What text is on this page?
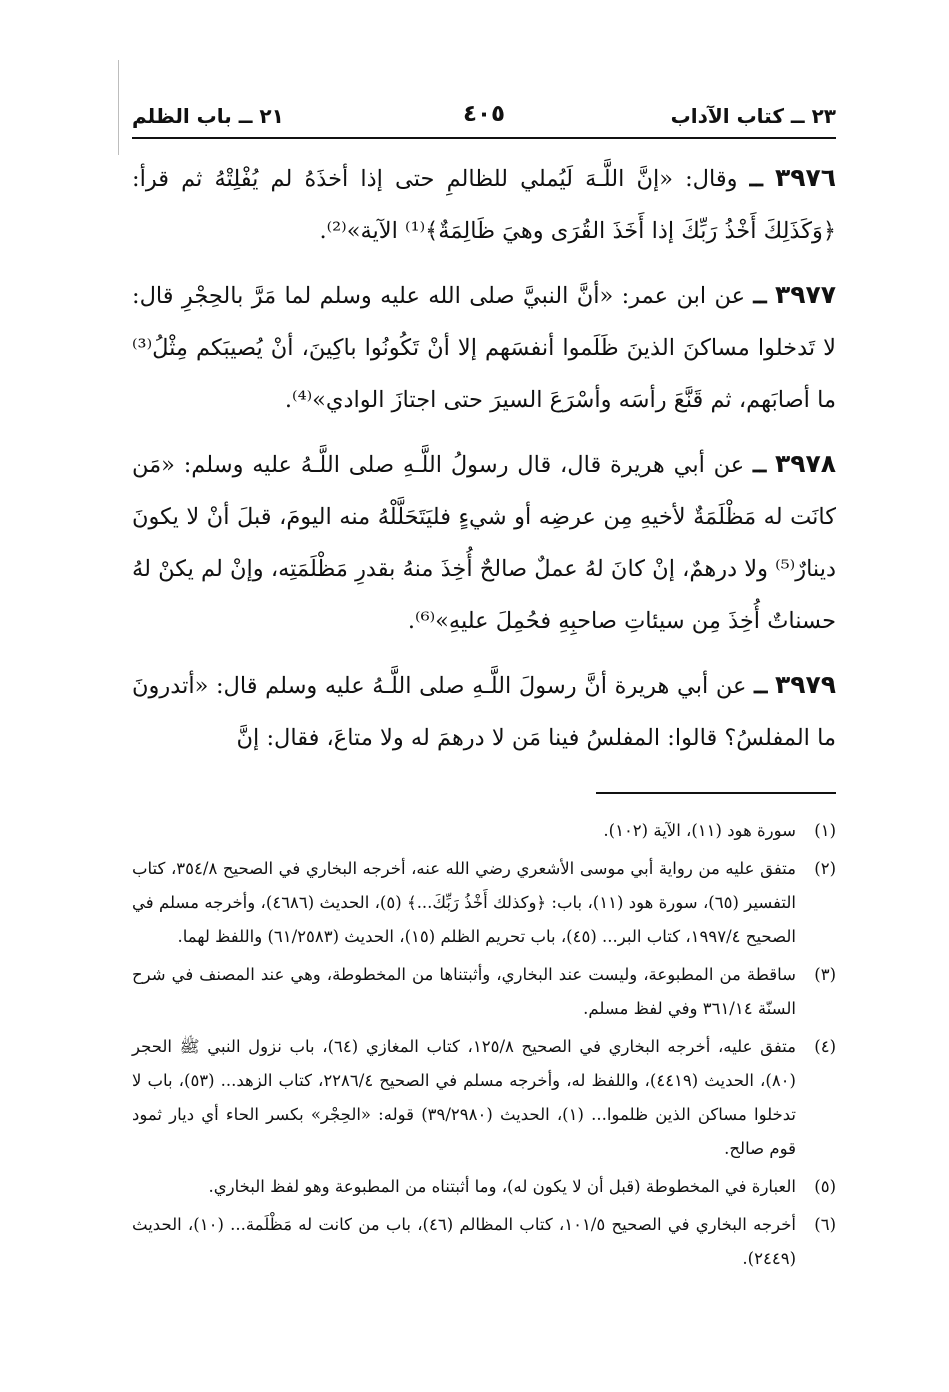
٢٣ ــ كتاب الآداب
٤٠٥
٢١ ــ باب الظلم

٣٩٧٦ ــ وقال: «إنَّ اللَّـهَ لَيُملي للظالمِ حتى إذا أخذَهُ لم يُفْلِتْهُ ثم قرأ: ﴿وَكَذَلِكَ أَخْذُ رَبِّكَ إذا أَخَذَ القُرَى وهيَ ظَالِمَةٌ﴾⁽¹⁾ الآية»⁽²⁾.

٣٩٧٧ ــ عن ابن عمر: «أنَّ النبيَّ صلى الله عليه وسلم لما مَرَّ بالحِجْرِ قال: لا تَدخلوا مساكنَ الذينَ ظَلَموا أنفسَهم إلا أنْ تَكُونُوا باكِينَ، أنْ يُصيبَكم مِثْلُ⁽³⁾ ما أصابَهم، ثم قَنَّعَ رأسَه وأسْرَعَ السيرَ حتى اجتازَ الوادي»⁽⁴⁾.

٣٩٧٨ ــ عن أبي هريرة قال، قال رسولُ اللَّـهِ صلى اللَّـهُ عليه وسلم: «مَن كانَت له مَظْلَمَةٌ لأخيهِ مِن عرضِه أو شيءٍ فليَتَحَلَّلْهُ منه اليومَ، قبلَ أنْ لا يكونَ دينارٌ⁽⁵⁾ ولا درهمٌ، إنْ كانَ لهُ عملٌ صالحٌ أُخِذَ منهُ بقدرِ مَظْلَمَتِه، وإنْ لم يكنْ لهُ حسناتٌ أُخِذَ مِن سيئاتِ صاحبِهِ فحُمِلَ عليهِ»⁽⁶⁾.

٣٩٧٩ ــ عن أبي هريرة أنَّ رسولَ اللَّـهِ صلى اللَّـهُ عليه وسلم قال: «أتدرونَ ما المفلسُ؟ قالوا: المفلسُ فينا مَن لا درهمَ له ولا متاعَ، فقال: إنَّ

(١)
سورة هود (١١)، الآية (١٠٢).
(٢)
متفق عليه من رواية أبي موسى الأشعري رضي الله عنه، أخرجه البخاري في الصحيح ٣٥٤/٨، كتاب التفسير (٦٥)، سورة هود (١١)، باب: ﴿وكذلك أَخْذُ رَبِّكَ...﴾ (٥)، الحديث (٤٦٨٦)، وأخرجه مسلم في الصحيح ١٩٩٧/٤، كتاب البر... (٤٥)، باب تحريم الظلم (١٥)، الحديث (٦١/٢٥٨٣) واللفظ لهما.
(٣)
ساقطة من المطبوعة، وليست عند البخاري، وأثبتناها من المخطوطة، وهي عند المصنف في شرح السنّة ٣٦١/١٤ وفي لفظ مسلم.
(٤)
متفق عليه، أخرجه البخاري في الصحيح ١٢٥/٨، كتاب المغازي (٦٤)، باب نزول النبي ﷺ الحجر (٨٠)، الحديث (٤٤١٩)، واللفظ له، وأخرجه مسلم في الصحيح ٢٢٨٦/٤، كتاب الزهد... (٥٣)، باب لا تدخلوا مساكن الذين ظلموا... (١)، الحديث (٣٩/٢٩٨٠) قوله: «الحِجْر» بكسر الحاء أي ديار ثمود قوم صالح.
(٥)
العبارة في المخطوطة (قبل أن لا يكون له)، وما أثبتناه من المطبوعة وهو لفظ البخاري.
(٦)
أخرجه البخاري في الصحيح ١٠١/٥، كتاب المظالم (٤٦)، باب من كانت له مَظْلَمة... (١٠)، الحديث (٢٤٤٩).
